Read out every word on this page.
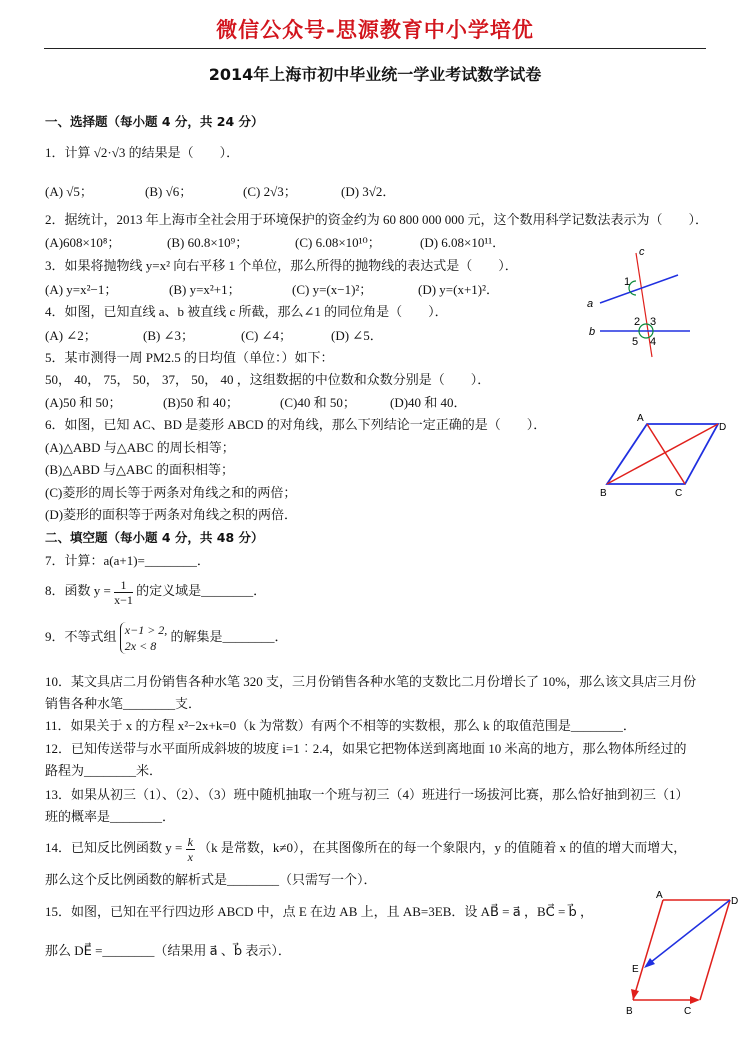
微信公众号-思源教育中小学培优
2014年上海市初中毕业统一学业考试数学试卷
一、选择题（每小题 4 分，共 24 分）
1．计算 √2·√3 的结果是（　　）．
(A) √5；	(B) √6；	(C) 2√3；	(D) 3√2．
2．据统计，2013 年上海市全社会用于环境保护的资金约为 60 800 000 000 元，这个数用科学记数法表示为（　　）．
(A)608×10⁸；	(B) 60.8×10⁹；	(C) 6.08×10¹⁰；	(D) 6.08×10¹¹．
3．如果将抛物线 y=x² 向右平移 1 个单位，那么所得的抛物线的表达式是（　　）．
(A) y=x²−1；	(B) y=x²+1；	(C) y=(x−1)²；	(D) y=(x+1)²．
4．如图，已知直线 a、b 被直线 c 所截，那么∠1 的同位角是（　　）．
(A) ∠2；	(B) ∠3；	(C) ∠4；	(D) ∠5．
c
1
a
b
2 3
5 4
5．某市测得一周 PM2.5 的日均值（单位：）如下：
50， 40， 75， 50， 37， 50， 40 ，这组数据的中位数和众数分别是（　　）．
(A)50 和 50；	(B)50 和 40；	(C)40 和 50；	(D)40 和 40．
6．如图，已知 AC、BD 是菱形 ABCD 的对角线，那么下列结论一定正确的是（　　）．
(A)△ABD 与△ABC 的周长相等；
(B)△ABD 与△ABC 的面积相等；
(C)菱形的周长等于两条对角线之和的两倍；
(D)菱形的面积等于两条对角线之积的两倍．
A
D
B	C
二、填空题（每小题 4 分，共 48 分）
7．计算：a(a+1)=________．
8．函数 $y = \frac{1}{x-1}$ 的定义域是________．
9．不等式组 x−1 > 2,
2x < 8
的解集是________．
10．某文具店二月份销售各种水笔 320 支，三月份销售各种水笔的支数比二月份增长了 10%，那么该文具店三月份
销售各种水笔________支．
11．如果关于 x 的方程 x²−2x+k=0（k 为常数）有两个不相等的实数根，那么 k 的取值范围是________．
12．已知传送带与水平面所成斜坡的坡度 i=1︰2.4，如果它把物体送到离地面 10 米高的地方，那么物体所经过的
路程为________米．
13．如果从初三（1）、（2）、（3）班中随机抽取一个班与初三（4）班进行一场拔河比赛，那么恰好抽到初三（1）
班的概率是________．
14．已知反比例函数 $y = \frac{k}{x} (k$ 是常数，k≠0），在其图像所在的每一个象限内，y 的值随着 x 的值的增大而增大，
那么这个反比例函数的解析式是________（只需写一个）．
15．如图，已知在平行四边形 ABCD 中，点 E 在边 AB 上，且 AB=3EB．设 AB⃗ = a⃗ ，BC⃗ = b⃗ ，
那么 DE⃗ =________（结果用 a⃗ 、b⃗ 表示）．
A
D
E
B	C
